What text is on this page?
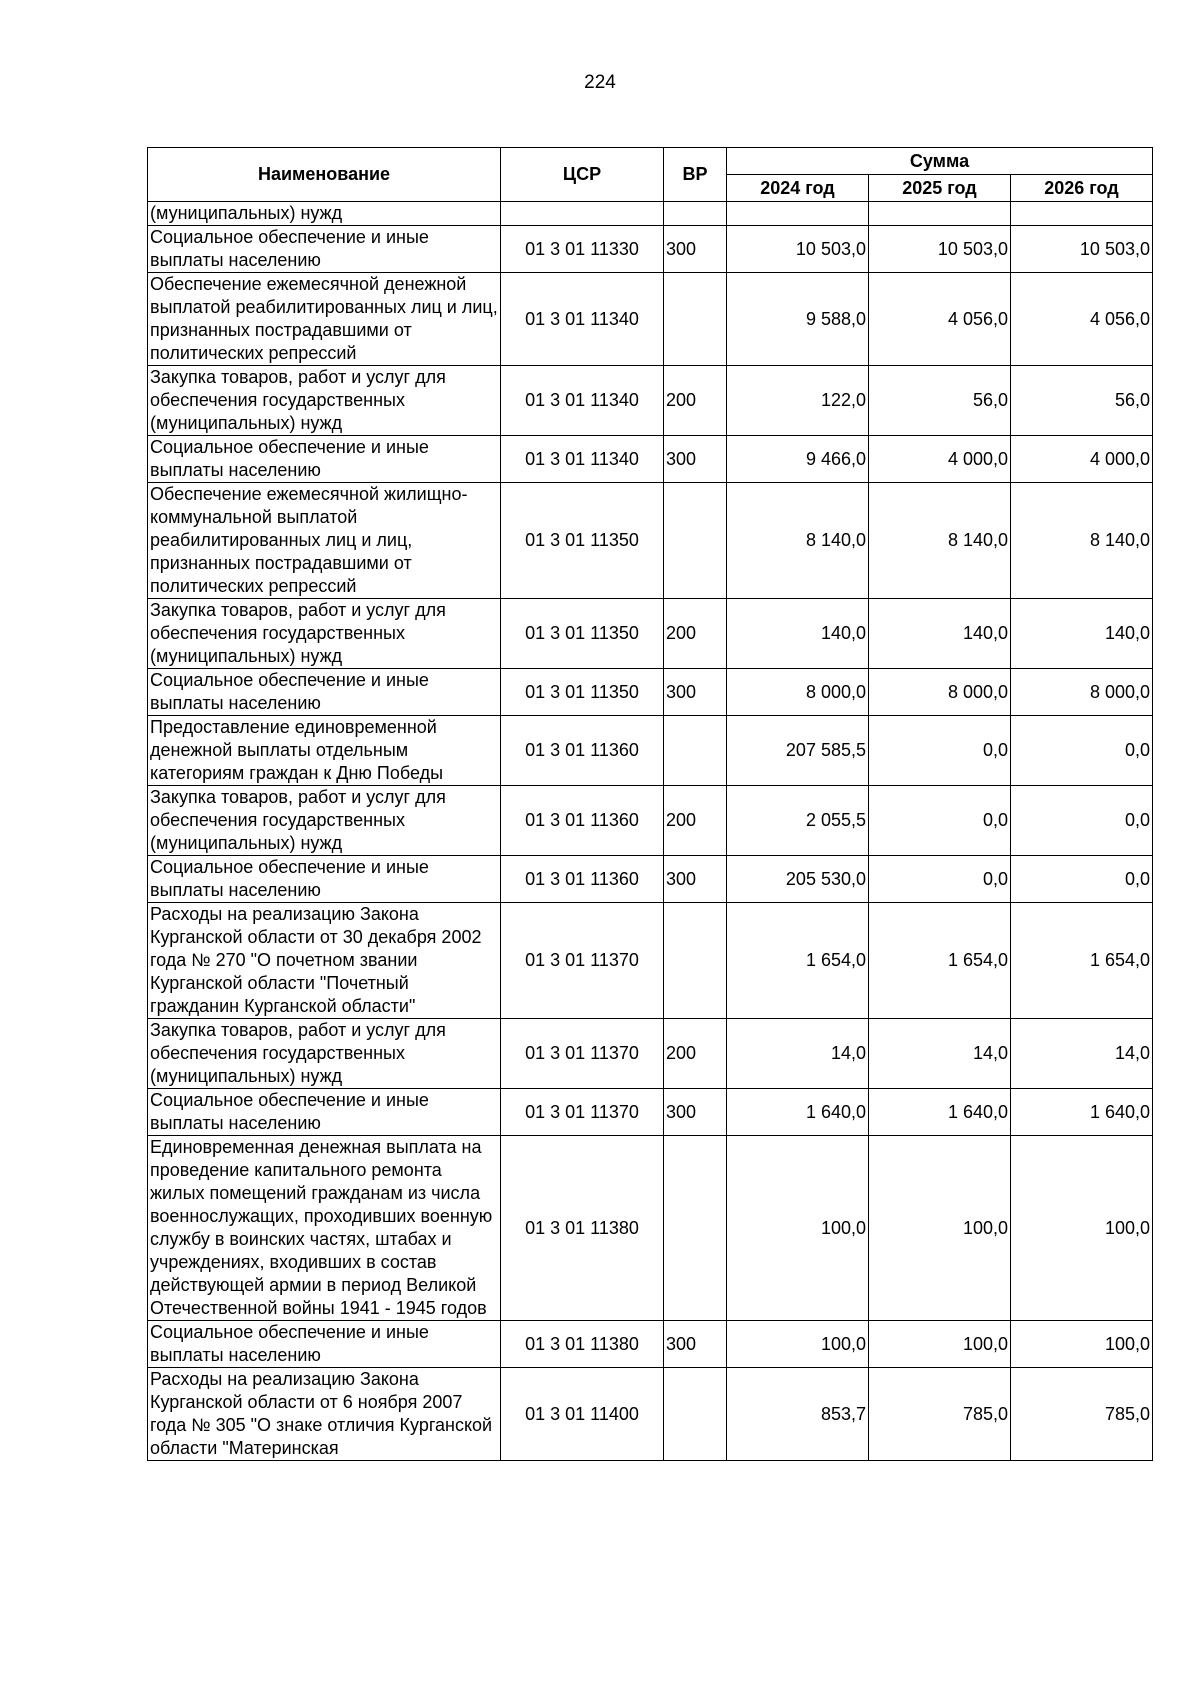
224
Наименование	ЦСР	ВР	Сумма		
			2024 год	2025 год	2026 год
(муниципальных) нужд					
Социальное обеспечение и иные выплаты населению	01 3 01 11330	300	10 503,0	10 503,0	10 503,0
Обеспечение ежемесячной денежной выплатой реабилитированных лиц и лиц, признанных пострадавшими от политических репрессий	01 3 01 11340		9 588,0	4 056,0	4 056,0
Закупка товаров, работ и услуг для обеспечения государственных (муниципальных) нужд	01 3 01 11340	200	122,0	56,0	56,0
Социальное обеспечение и иные выплаты населению	01 3 01 11340	300	9 466,0	4 000,0	4 000,0
Обеспечение ежемесячной жилищно-коммунальной выплатой реабилитированных лиц и лиц, признанных пострадавшими от политических репрессий	01 3 01 11350		8 140,0	8 140,0	8 140,0
Закупка товаров, работ и услуг для обеспечения государственных (муниципальных) нужд	01 3 01 11350	200	140,0	140,0	140,0
Социальное обеспечение и иные выплаты населению	01 3 01 11350	300	8 000,0	8 000,0	8 000,0
Предоставление единовременной денежной выплаты отдельным категориям граждан к Дню Победы	01 3 01 11360		207 585,5	0,0	0,0
Закупка товаров, работ и услуг для обеспечения государственных (муниципальных) нужд	01 3 01 11360	200	2 055,5	0,0	0,0
Социальное обеспечение и иные выплаты населению	01 3 01 11360	300	205 530,0	0,0	0,0
Расходы на реализацию Закона Курганской области от 30 декабря 2002 года № 270 "О почетном звании Курганской области "Почетный гражданин Курганской области"	01 3 01 11370		1 654,0	1 654,0	1 654,0
Закупка товаров, работ и услуг для обеспечения государственных (муниципальных) нужд	01 3 01 11370	200	14,0	14,0	14,0
Социальное обеспечение и иные выплаты населению	01 3 01 11370	300	1 640,0	1 640,0	1 640,0
Единовременная денежная выплата на проведение капитального ремонта жилых помещений гражданам из числа военнослужащих, проходивших военную службу в воинских частях, штабах и учреждениях, входивших в состав действующей армии в период Великой Отечественной войны 1941 - 1945 годов	01 3 01 11380		100,0	100,0	100,0
Социальное обеспечение и иные выплаты населению	01 3 01 11380	300	100,0	100,0	100,0
Расходы на реализацию Закона Курганской области от 6 ноября 2007 года № 305 "О знаке отличия Курганской области "Материнская	01 3 01 11400		853,7	785,0	785,0
